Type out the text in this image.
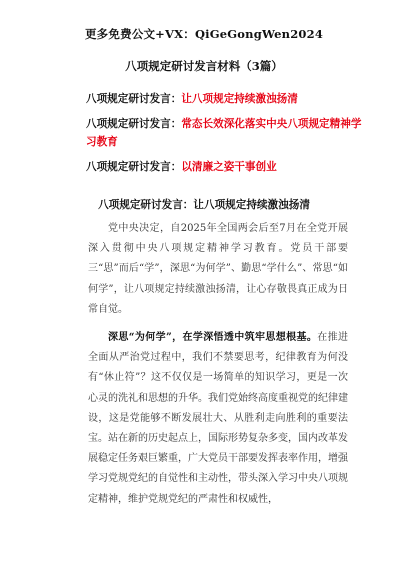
更多免费公文+VX：QiGeGongWen2024
八项规定研讨发言材料（3篇）
八项规定研讨发言：让八项规定持续激浊扬清
八项规定研讨发言：常态长效深化落实中央八项规定精神学习教育
八项规定研讨发言：以清廉之姿干事创业
八项规定研讨发言：让八项规定持续激浊扬清

党中央决定，自2025年全国两会后至7月在全党开展深入贯彻中央八项规定精神学习教育。党员干部要三“思”而后“学”，深思“为何学”、勤思“学什么”、常思“如何学”，让八项规定持续激浊扬清，让心存敬畏真正成为日常自觉。

深思“为何学”，在学深悟透中筑牢思想根基。在推进全面从严治党过程中，我们不禁要思考，纪律教育为何没有“休止符”？这不仅仅是一场简单的知识学习，更是一次心灵的洗礼和思想的升华。我们党始终高度重视党的纪律建设，这是党能够不断发展壮大、从胜利走向胜利的重要法宝。站在新的历史起点上，国际形势复杂多变，国内改革发展稳定任务艰巨繁重，广大党员干部要发挥表率作用，增强学习党规党纪的自觉性和主动性，带头深入学习中央八项规定精神，维护党规党纪的严肃性和权威性，
